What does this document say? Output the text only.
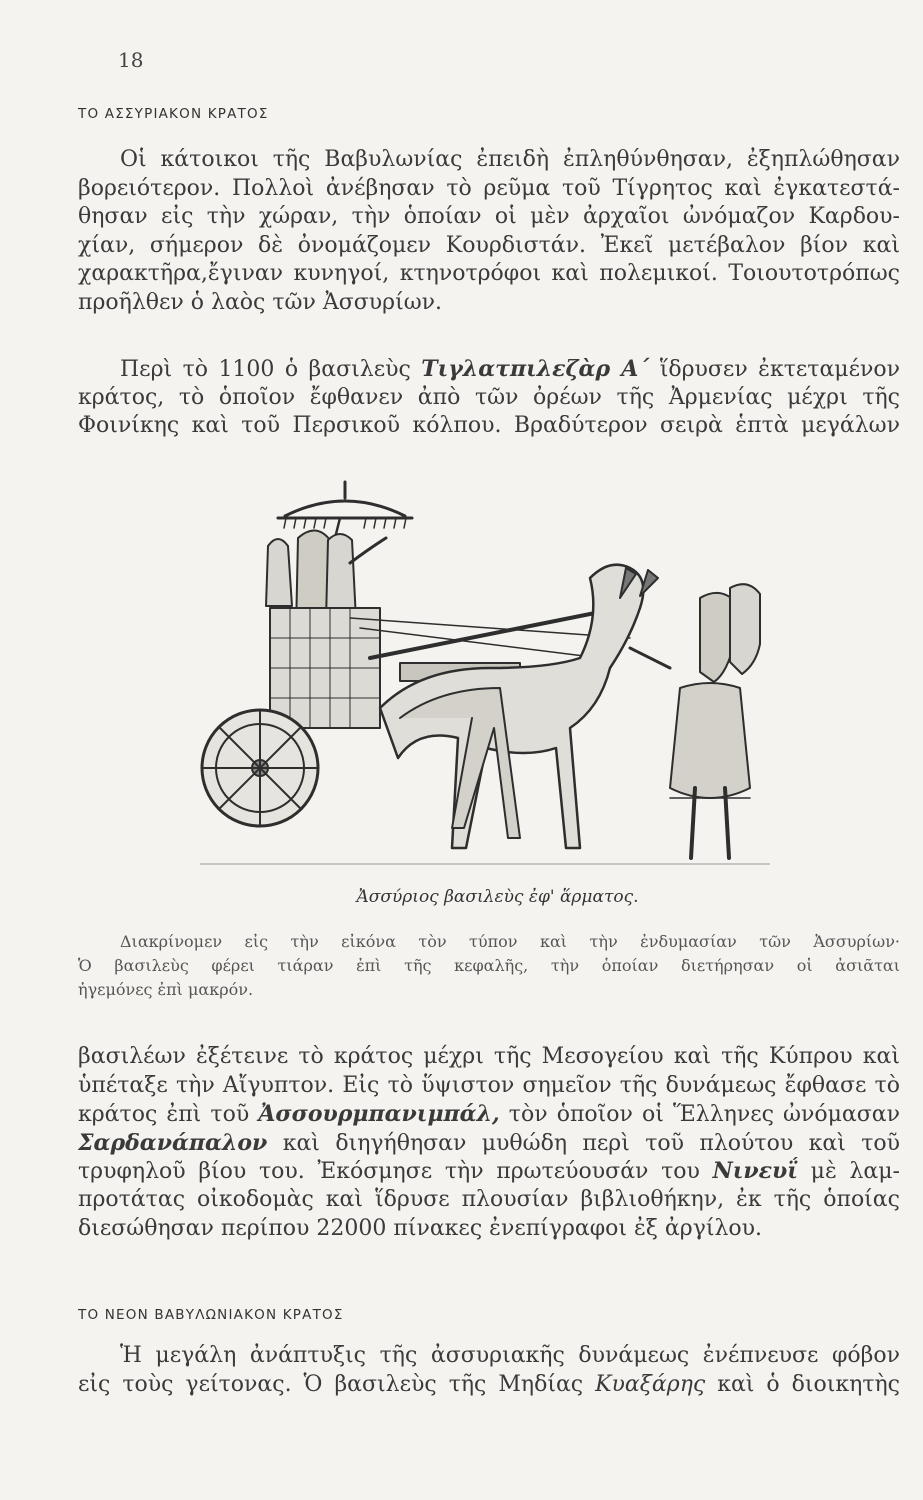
18
ΤΟ ΑΣΣΥΡΙΑΚΟΝ ΚΡΑΤΟΣ
Οἱ κάτοικοι τῆς Βαβυλωνίας ἐπειδὴ ἐπληθύνθησαν, ἐξηπλώθησαν
βορειότερον. Πολλοὶ ἀνέβησαν τὸ ρεῦμα τοῦ Τίγρητος καὶ ἐγκατεστά-
θησαν εἰς τὴν χώραν, τὴν ὁποίαν οἱ μὲν ἀρχαῖοι ὠνόμαζον Καρδου-
χίαν, σήμερον δὲ ὀνομάζομεν Κουρδιστάν. Ἐκεῖ μετέβαλον βίον καὶ
χαρακτῆρα,ἔγιναν κυνηγοί, κτηνοτρόφοι καὶ πολεμικοί. Τοιουτοτρόπως
προῆλθεν ὁ λαὸς τῶν Ἀσσυρίων.
Περὶ τὸ 1100 ὁ βασιλεὺς Τιγλατπιλεζὰρ Α΄ ἵδρυσεν ἐκτεταμένον
κράτος, τὸ ὁποῖον ἔφθανεν ἀπὸ τῶν ὀρέων τῆς Ἀρμενίας μέχρι τῆς
Φοινίκης καὶ τοῦ Περσικοῦ κόλπου. Βραδύτερον σειρὰ ἑπτὰ μεγάλων
Ἀσσύριος βασιλεὺς ἐφ' ἅρματος.
Διακρίνομεν εἰς τὴν εἰκόνα τὸν τύπον καὶ τὴν ἐνδυμασίαν τῶν Ἀσσυρίων·
Ὁ βασιλεὺς φέρει τιάραν ἐπὶ τῆς κεφαλῆς, τὴν ὁποίαν διετήρησαν οἱ ἀσιᾶται
ἡγεμόνες ἐπὶ μακρόν.
βασιλέων ἐξέτεινε τὸ κράτος μέχρι τῆς Μεσογείου καὶ τῆς Κύπρου καὶ
ὑπέταξε τὴν Αἴγυπτον. Εἰς τὸ ὕψιστον σημεῖον τῆς δυνάμεως ἔφθασε τὸ
κράτος ἐπὶ τοῦ Ἀσσουρμπανιμπάλ, τὸν ὁποῖον οἱ Ἕλληνες ὠνόμασαν
Σαρδανάπαλον καὶ διηγήθησαν μυθώδη περὶ τοῦ πλούτου καὶ τοῦ
τρυφηλοῦ βίου του. Ἐκόσμησε τὴν πρωτεύουσάν του Νινευΐ μὲ λαμ-
προτάτας οἰκοδομὰς καὶ ἵδρυσε πλουσίαν βιβλιοθήκην, ἐκ τῆς ὁποίας
διεσώθησαν περίπου 22000 πίνακες ἐνεπίγραφοι ἐξ ἀργίλου.
ΤΟ ΝΕΟΝ ΒΑΒΥΛΩΝΙΑΚΟΝ ΚΡΑΤΟΣ
Ἡ μεγάλη ἀνάπτυξις τῆς ἀσσυριακῆς δυνάμεως ἐνέπνευσε φόβον
εἰς τοὺς γείτονας. Ὁ βασιλεὺς τῆς Μηδίας Κυαξάρης καὶ ὁ διοικητὴς
